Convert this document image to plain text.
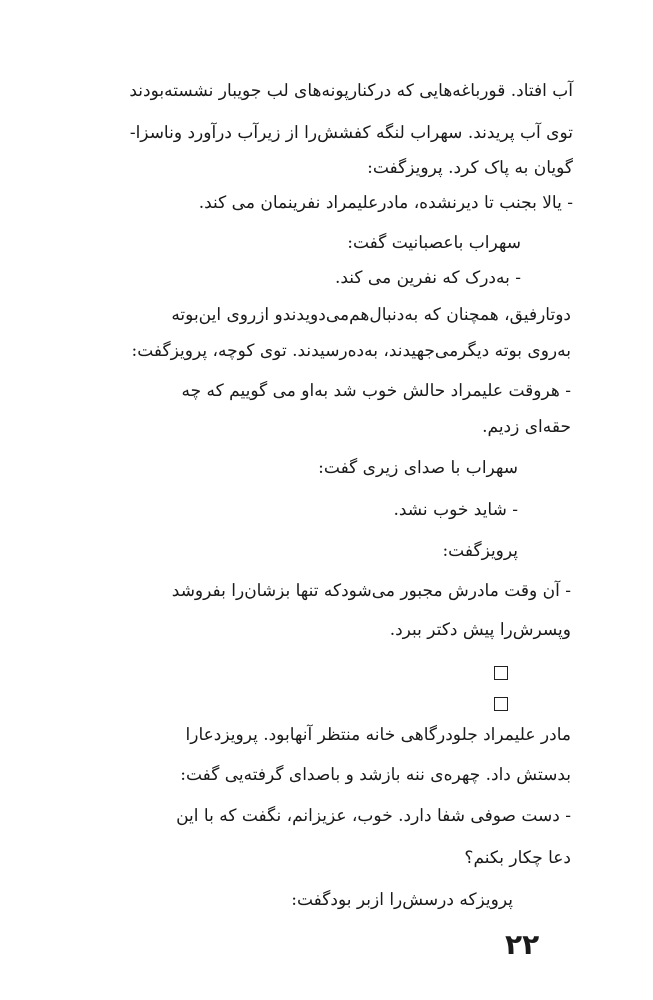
آب افتاد. قورباغه‌هایی که درکنارپونه‌های لب جویبار نشسته‌بودند
توی آب پریدند. سهراب لنگه کفشش‌را از زیرآب درآورد وناسزا-
گویان به پاک کرد. پرویزگفت:
- یالا بجنب تا دیرنشده، مادرعلیمراد نفرینمان می کند.
سهراب باعصبانیت گفت:
- به‌درک که نفرین می کند.
دوتارفیق، همچنان که به‌دنبال‌هم‌می‌دویدندو ازروی این‌بوته
به‌روی بوته دیگرمی‌جهیدند، به‌ده‌رسیدند. توی کوچه، پرویزگفت:
- هروقت علیمراد حالش خوب شد به‌او می گوییم که چه
حقه‌ای زدیم.
سهراب با صدای زیری گفت:
- شاید خوب نشد.
پرویزگفت:
- آن وقت مادرش مجبور می‌شودکه تنها بزشان‌را بفروشد
وپسرش‌را پیش دکتر ببرد.
مادر علیمراد جلودرگاهی خانه منتظر آنهابود. پرویزدعارا
بدستش داد. چهره‌ی ننه بازشد و باصدای گرفته‌یی گفت:
- دست صوفی شفا دارد. خوب، عزیزانم، نگفت که با این
دعا چکار بکنم؟
پرویزکه درسش‌را ازبر بودگفت:
۲۲
